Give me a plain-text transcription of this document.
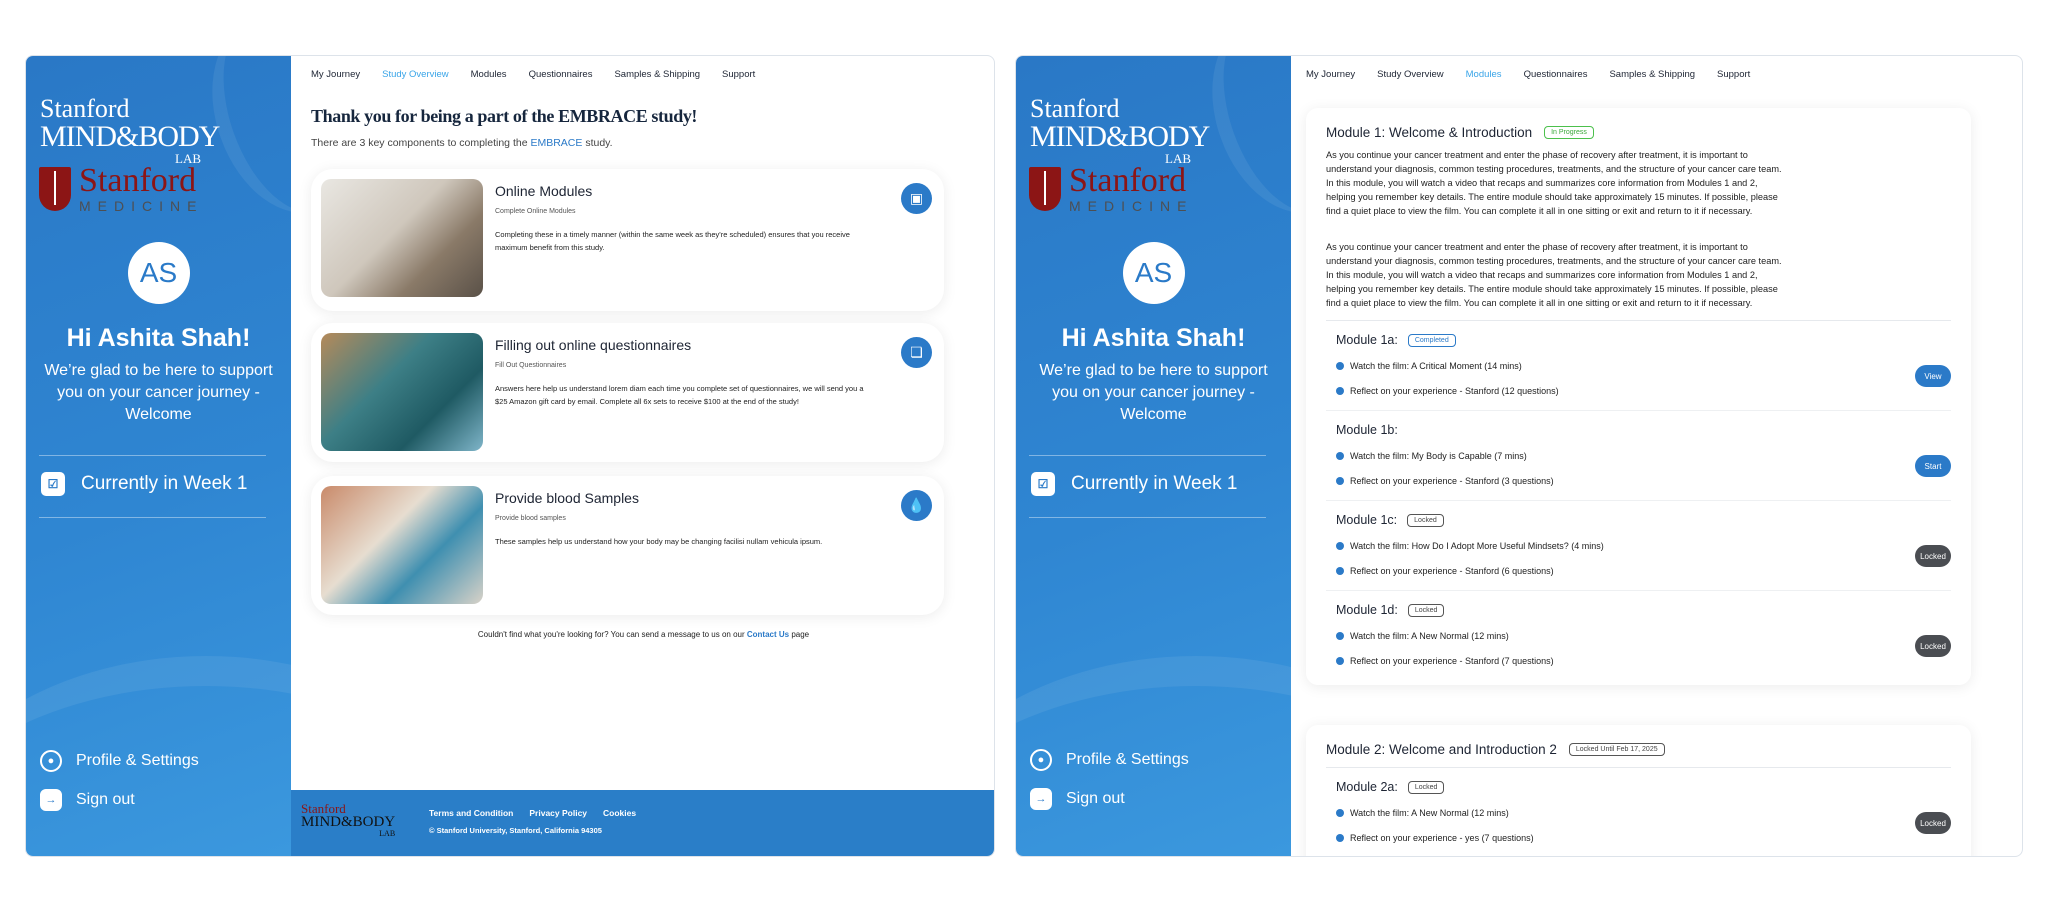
Stanford
MIND&BODY
LAB
Stanford
MEDICINE
AS
Hi Ashita Shah!
We’re glad to be here to support you on your cancer journey - Welcome
☑	Currently in Week 1
●	Profile & Settings
→	Sign out
My Journey Study Overview Modules Questionnaires Samples & Shipping Support
Thank you for being a part of the EMBRACE study!
There are 3 key components to completing the EMBRACE study.
Online Modules
Complete Online Modules
Completing these in a timely manner (within the same week as they're scheduled) ensures that you receive maximum benefit from this study.
▣
Filling out online questionnaires
Fill Out Questionnaires
Answers here help us understand lorem diam each time you complete set of questionnaires, we will send you a $25 Amazon gift card by email. Complete all 6x sets to receive $100 at the end of the study!
❏
Provide blood Samples
Provide blood samples
These samples help us understand how your body may be changing facilisi nullam vehicula ipsum.
💧
Couldn't find what you're looking for? You can send a message to us on our Contact Us page
Stanford
MIND&BODY
LAB
Terms and Condition Privacy Policy Cookies
© Stanford University, Stanford, California 94305
Stanford
MIND&BODY
LAB
Stanford
MEDICINE
AS
Hi Ashita Shah!
We’re glad to be here to support you on your cancer journey - Welcome
☑	Currently in Week 1
●	Profile & Settings
→	Sign out
My Journey Study Overview Modules Questionnaires Samples & Shipping Support
Module 1: Welcome & Introduction	In Progress
As you continue your cancer treatment and enter the phase of recovery after treatment, it is important to understand your diagnosis, common testing procedures, treatments, and the structure of your cancer care team. In this module, you will watch a video that recaps and summarizes core information from Modules 1 and 2, helping you remember key details. The entire module should take approximately 15 minutes. If possible, please find a quiet place to view the film. You can complete it all in one sitting or exit and return to it if necessary.
As you continue your cancer treatment and enter the phase of recovery after treatment, it is important to understand your diagnosis, common testing procedures, treatments, and the structure of your cancer care team. In this module, you will watch a video that recaps and summarizes core information from Modules 1 and 2, helping you remember key details. The entire module should take approximately 15 minutes. If possible, please find a quiet place to view the film. You can complete it all in one sitting or exit and return to it if necessary.
Module 1a:	Completed
Watch the film: A Critical Moment (14 mins)
Reflect on your experience - Stanford (12 questions)
View
Module 1b:
Watch the film: My Body is Capable (7 mins)
Reflect on your experience - Stanford (3 questions)
Start
Module 1c:	Locked
Watch the film: How Do I Adopt More Useful Mindsets? (4 mins)
Reflect on your experience - Stanford (6 questions)
Locked
Module 1d:	Locked
Watch the film: A New Normal (12 mins)
Reflect on your experience - Stanford (7 questions)
Locked
Module 2: Welcome and Introduction 2	Locked Until Feb 17, 2025
Module 2a:	Locked
Watch the film: A New Normal (12 mins)
Reflect on your experience - yes (7 questions)
Locked
